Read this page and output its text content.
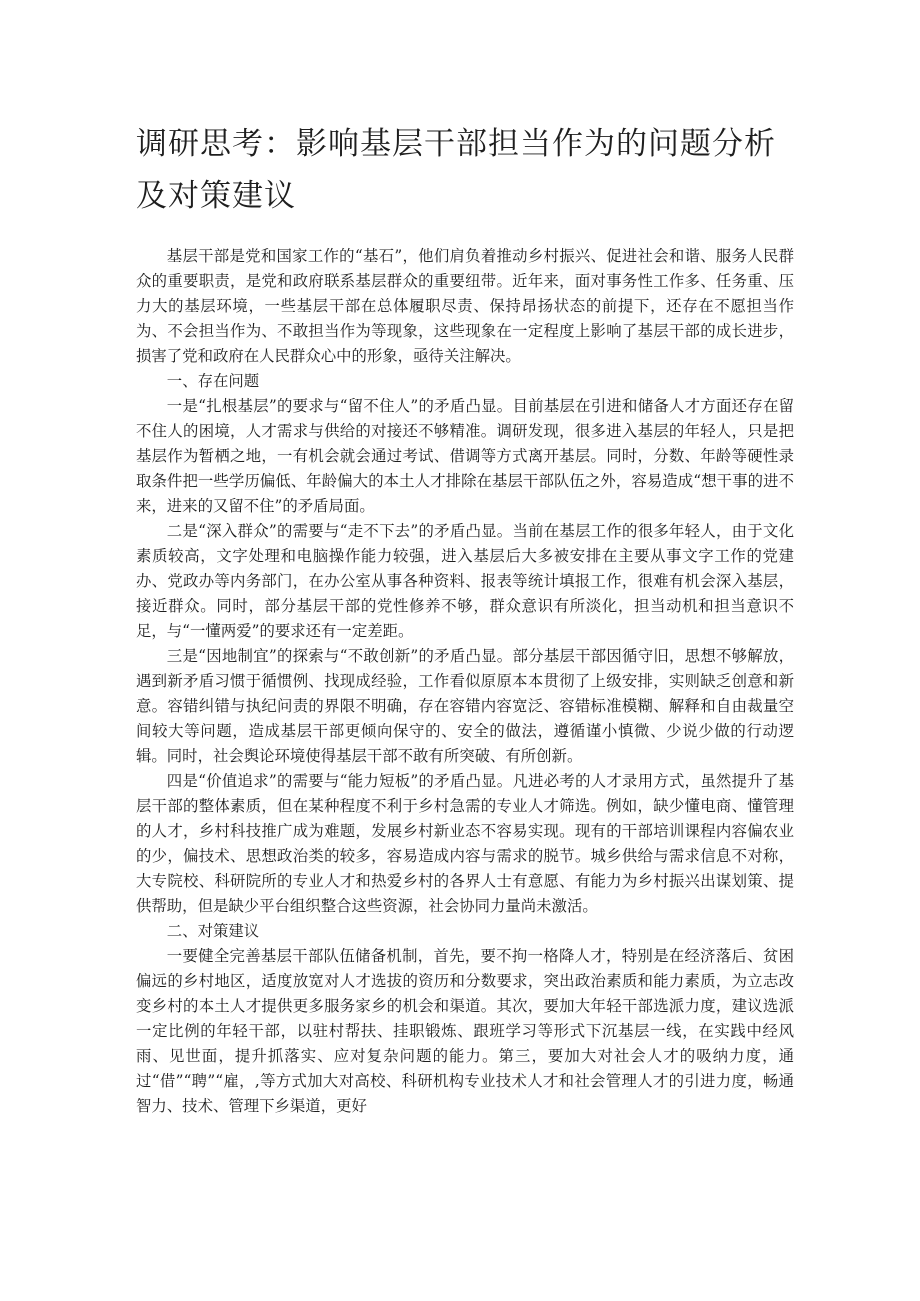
调研思考：影响基层干部担当作为的问题分析及对策建议

基层干部是党和国家工作的“基石”，他们肩负着推动乡村振兴、促进社会和谐、服务人民群众的重要职责，是党和政府联系基层群众的重要纽带。近年来，面对事务性工作多、任务重、压力大的基层环境，一些基层干部在总体履职尽责、保持昂扬状态的前提下，还存在不愿担当作为、不会担当作为、不敢担当作为等现象，这些现象在一定程度上影响了基层干部的成长进步，损害了党和政府在人民群众心中的形象，亟待关注解决。

一、存在问题

一是“扎根基层”的要求与“留不住人”的矛盾凸显。目前基层在引进和储备人才方面还存在留不住人的困境，人才需求与供给的对接还不够精准。调研发现，很多进入基层的年轻人，只是把基层作为暂栖之地，一有机会就会通过考试、借调等方式离开基层。同时，分数、年龄等硬性录取条件把一些学历偏低、年龄偏大的本土人才排除在基层干部队伍之外，容易造成“想干事的进不来，进来的又留不住”的矛盾局面。

二是“深入群众”的需要与“走不下去”的矛盾凸显。当前在基层工作的很多年轻人，由于文化素质较高，文字处理和电脑操作能力较强，进入基层后大多被安排在主要从事文字工作的党建办、党政办等内务部门，在办公室从事各种资料、报表等统计填报工作，很难有机会深入基层，接近群众。同时，部分基层干部的党性修养不够，群众意识有所淡化，担当动机和担当意识不足，与“一懂两爱”的要求还有一定差距。

三是“因地制宜”的探索与“不敢创新”的矛盾凸显。部分基层干部因循守旧，思想不够解放，遇到新矛盾习惯于循惯例、找现成经验，工作看似原原本本贯彻了上级安排，实则缺乏创意和新意。容错纠错与执纪问责的界限不明确，存在容错内容宽泛、容错标准模糊、解释和自由裁量空间较大等问题，造成基层干部更倾向保守的、安全的做法，遵循谨小慎微、少说少做的行动逻辑。同时，社会舆论环境使得基层干部不敢有所突破、有所创新。

四是“价值追求”的需要与“能力短板”的矛盾凸显。凡进必考的人才录用方式，虽然提升了基层干部的整体素质，但在某种程度不利于乡村急需的专业人才筛选。例如，缺少懂电商、懂管理的人才，乡村科技推广成为难题，发展乡村新业态不容易实现。现有的干部培训课程内容偏农业的少，偏技术、思想政治类的较多，容易造成内容与需求的脱节。城乡供给与需求信息不对称，大专院校、科研院所的专业人才和热爱乡村的各界人士有意愿、有能力为乡村振兴出谋划策、提供帮助，但是缺少平台组织整合这些资源，社会协同力量尚未激活。

二、对策建议

一要健全完善基层干部队伍储备机制，首先，要不拘一格降人才，特别是在经济落后、贫困偏远的乡村地区，适度放宽对人才选拔的资历和分数要求，突出政治素质和能力素质，为立志改变乡村的本土人才提供更多服务家乡的机会和渠道。其次，要加大年轻干部选派力度，建议选派一定比例的年轻干部，以驻村帮扶、挂职锻炼、跟班学习等形式下沉基层一线，在实践中经风雨、见世面，提升抓落实、应对复杂问题的能力。第三，要加大对社会人才的吸纳力度，通过“借”“聘”“雇，,等方式加大对高校、科研机构专业技术人才和社会管理人才的引进力度，畅通智力、技术、管理下乡渠道，更好
